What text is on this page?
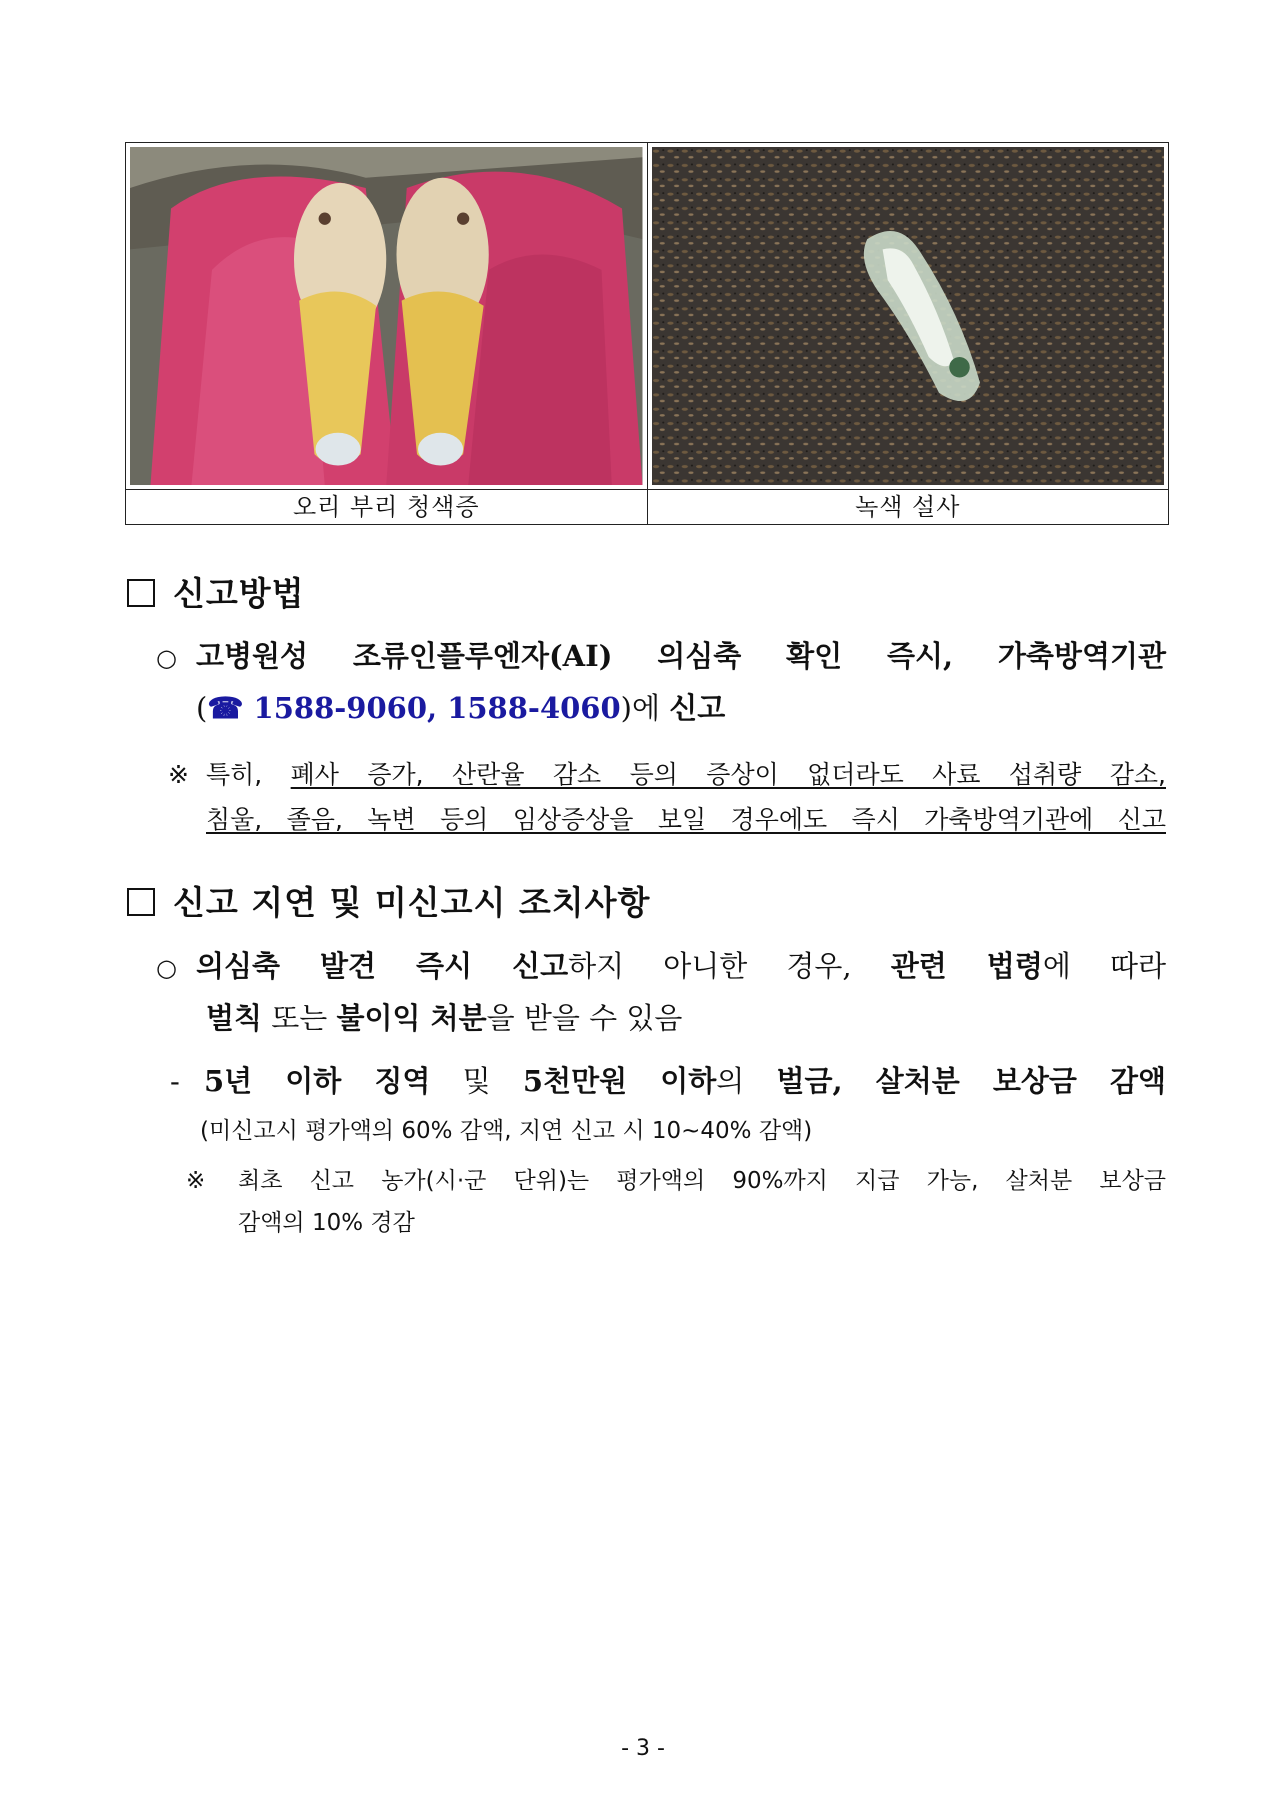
오리 부리 청색증	녹색 설사
신고방법
○ 고병원성 조류인플루엔자(AI) 의심축 확인 즉시, 가축방역기관
(☎ 1588-9060, 1588-4060)에 신고
※ 특히, 폐사 증가, 산란율 감소 등의 증상이 없더라도 사료 섭취량 감소,
침울, 졸음, 녹변 등의 임상증상을 보일 경우에도 즉시 가축방역기관에 신고
신고 지연 및 미신고시 조치사항
○ 의심축 발견 즉시 신고하지 아니한 경우, 관련 법령에 따라
벌칙 또는 불이익 처분을 받을 수 있음
- 5년 이하 징역 및 5천만원 이하의 벌금, 살처분 보상금 감액
(미신고시 평가액의 60% 감액, 지연 신고 시 10∼40% 감액)
※ 최초 신고 농가(시·군 단위)는 평가액의 90%까지 지급 가능, 살처분 보상금
감액의 10% 경감
- 3 -
